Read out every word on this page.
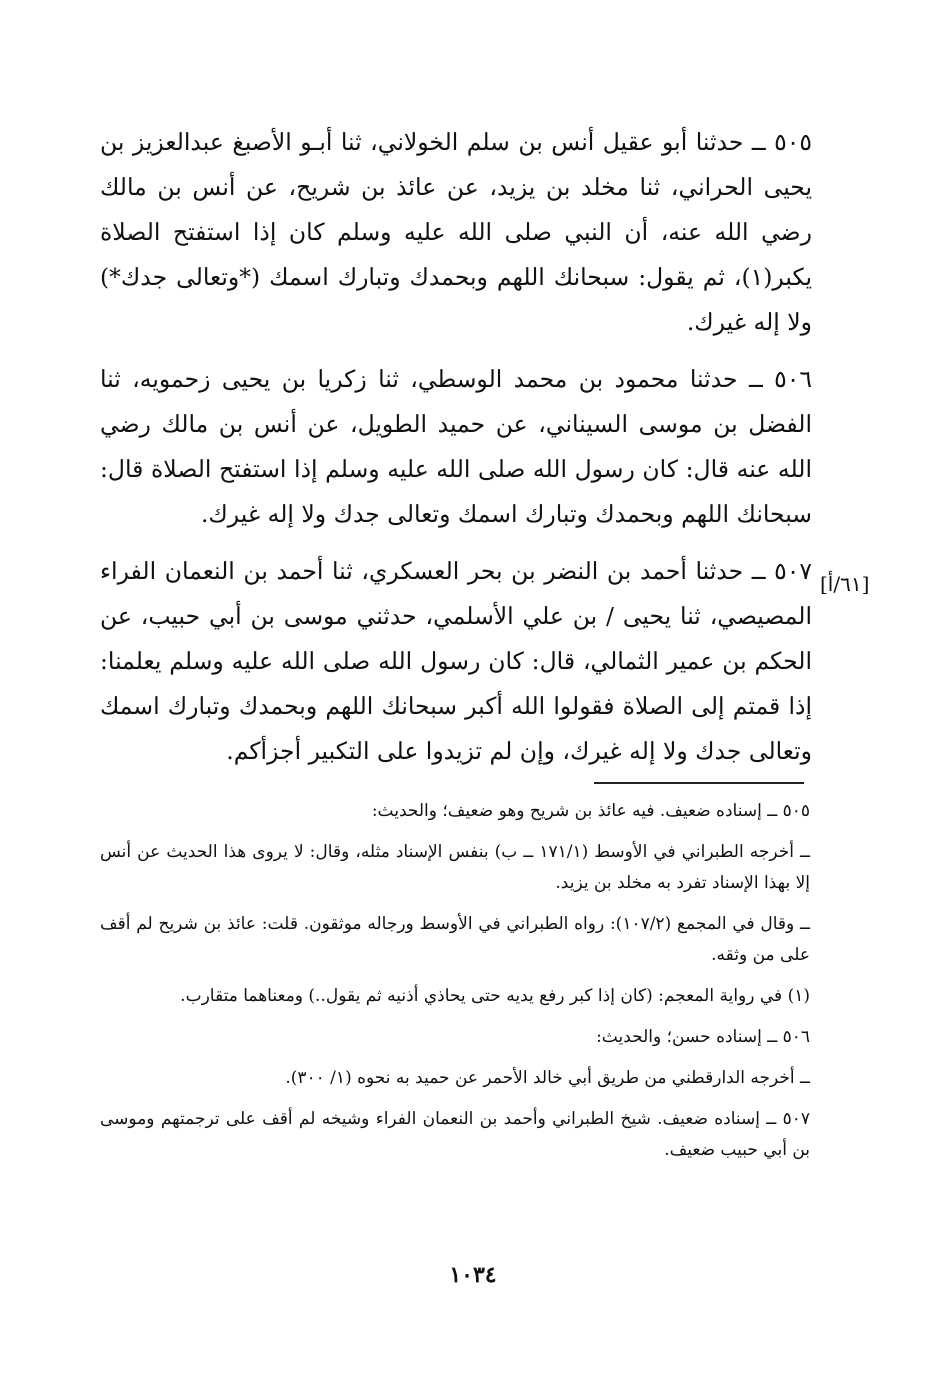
٥٠٥ ــ حدثنا أبو عقيل أنس بن سلم الخولاني، ثنا أبـو الأصبغ عبدالعزيز بن يحيى الحراني، ثنا مخلد بن يزيد، عن عائذ بن شريح، عن أنس بن مالك رضي الله عنه، أن النبي صلى الله عليه وسلم كان إذا استفتح الصلاة يكبر(١)، ثم يقول: سبحانك اللهم وبحمدك وتبارك اسمك (*وتعالى جدك*) ولا إله غيرك.

٥٠٦ ــ حدثنا محمود بن محمد الوسطي، ثنا زكريا بن يحيى زحمويه، ثنا الفضل بن موسى السيناني، عن حميد الطويل، عن أنس بن مالك رضي الله عنه قال: كان رسول الله صلى الله عليه وسلم إذا استفتح الصلاة قال: سبحانك اللهم وبحمدك وتبارك اسمك وتعالى جدك ولا إله غيرك.

٥٠٧ ــ حدثنا أحمد بن النضر بن بحر العسكري، ثنا أحمد بن النعمان الفراء المصيصي، ثنا يحيى / بن علي الأسلمي، حدثني موسى بن أبي حبيب، عن الحكم بن عمير الثمالي، قال: كان رسول الله صلى الله عليه وسلم يعلمنا: إذا قمتم إلى الصلاة فقولوا الله أكبر سبحانك اللهم وبحمدك وتبارك اسمك وتعالى جدك ولا إله غيرك، وإن لم تزيدوا على التكبير أجزأكم.

[٦١/أ]

٥٠٥ ــ إسناده ضعيف. فيه عائذ بن شريح وهو ضعيف؛ والحديث:

ــ أخرجه الطبراني في الأوسط (١٧١/١ ــ ب) بنفس الإسناد مثله، وقال: لا يروى هذا الحديث عن أنس إلا بهذا الإسناد تفرد به مخلد بن يزيد.

ــ وقال في المجمع (١٠٧/٢): رواه الطبراني في الأوسط ورجاله موثقون. قلت: عائذ بن شريح لم أقف على من وثقه.

(١) في رواية المعجم: (كان إذا كبر رفع يديه حتى يحاذي أذنيه ثم يقول..) ومعناهما متقارب.

٥٠٦ ــ إسناده حسن؛ والحديث:

ــ أخرجه الدارقطني من طريق أبي خالد الأحمر عن حميد به نحوه (١/ ٣٠٠).

٥٠٧ ــ إسناده ضعيف. شيخ الطبراني وأحمد بن النعمان الفراء وشيخه لم أقف على ترجمتهم وموسى بن أبي حبيب ضعيف.

١٠٣٤
